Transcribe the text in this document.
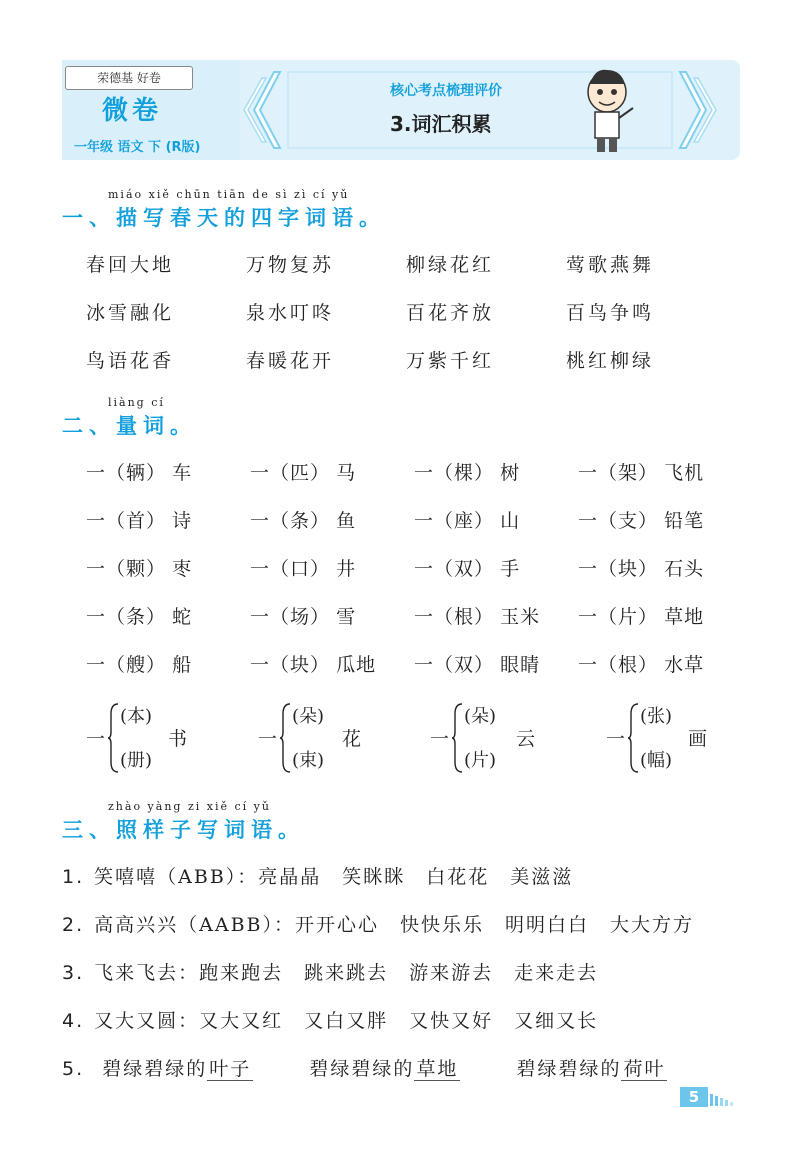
荣德基 好卷
微卷
一年级 语文 下 (R版)
核心考点梳理评价
3.词汇积累
miáo xiě chūn tiān de sì zì cí yǔ
一、描写春天的四字词语。
春回大地	万物复苏	柳绿花红	莺歌燕舞
冰雪融化	泉水叮咚	百花齐放	百鸟争鸣
鸟语花香	春暖花开	万紫千红	桃红柳绿
liàng cí
二、量词。
一（辆） 车	一（匹） 马	一（棵） 树	一（架） 飞机
一（首） 诗	一（条） 鱼	一（座） 山	一（支） 铅笔
一（颗） 枣	一（口） 井	一（双） 手	一（块） 石头
一（条） 蛇	一（场） 雪	一（根） 玉米 一（片） 草地
一（艘） 船	一（块） 瓜地 一（双） 眼睛 一（根） 水草
一
(本)
(册)
书	一
(朵)
(束)
花	一
(朵)
(片)
云	一
(张)
(幅)
画
zhào yàng zi xiě cí yǔ
三、照样子写词语。
1. 笑嘻嘻（ABB）：亮晶晶　笑眯眯　白花花　美滋滋
2. 高高兴兴（AABB）：开开心心　快快乐乐　明明白白　大大方方
3. 飞来飞去：跑来跑去　跳来跳去　游来游去　走来走去
4. 又大又圆：又大又红　又白又胖　又快又好　又细又长
5. 碧绿碧绿的 叶子	碧绿碧绿的 草地	碧绿碧绿的 荷叶
5
